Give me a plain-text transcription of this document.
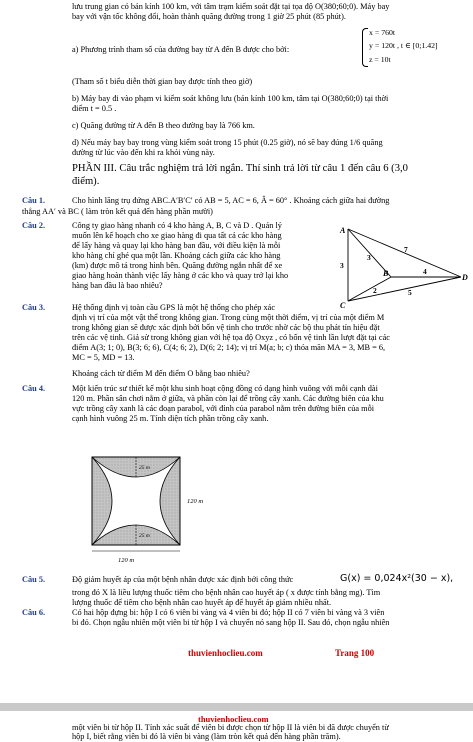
lưu trung gian có bán kính 100 km, với tâm trạm kiểm soát đặt tại tọa độ O(380;60;0). Máy bay

bay với vận tốc không đổi, hoàn thành quãng đường trong 1 giờ 25 phút (85 phút).

a) Phương trình tham số của đường bay từ A đến B được cho bởi:

x = 760t
y = 120t , t ∈ [0;1.42]
z = 10t

(Tham số t biểu diễn thời gian bay được tính theo giờ)

b) Máy bay đi vào phạm vi kiểm soát không lưu (bán kính 100 km, tâm tại O(380;60;0) tại thời

điểm t = 0.5 .

c) Quãng đường từ A đến B theo đường bay là 766 km.

d) Nếu máy bay bay trong vùng kiểm soát trong 15 phút (0.25 giờ), nó sẽ bay đúng 1/6 quãng

đường từ lúc vào đến khi ra khỏi vùng này.

PHẦN III. Câu trắc nghiệm trả lời ngắn. Thí sinh trả lời từ câu 1 đến câu 6 (3,0
điểm).
Câu 1.	Cho hình lăng trụ đứng ABC.A′B′C′ có AB = 5, AC = 6, Â = 60° . Khoảng cách giữa hai đường

thẳng AA′ và BC ( làm tròn kết quả đến hàng phần mười)

Câu 2.	Công ty giao hàng nhanh có 4 kho hàng A, B, C và D . Quản lý

muốn lên kế hoạch cho xe giao hàng đi qua tất cả các kho hàng

để lấy hàng và quay lại kho hàng ban đầu, với điều kiện là mỗi

kho hàng chỉ ghé qua một lần. Khoảng cách giữa các kho hàng

(km) được mô tả trong hình bên. Quãng đường ngắn nhất để xe

giao hàng hoàn thành việc lấy hàng ở các kho và quay trở lại kho

hàng ban đầu là bao nhiêu?

A
B
C
D
3
7
2
3
4
5
Câu 3.	Hệ thống định vị toàn cầu GPS là một hệ thống cho phép xác

định vị trí của một vật thể trong không gian. Trong cùng một thời điểm, vị trí của một điểm M

trong không gian sẽ được xác định bởi bốn vệ tinh cho trước nhờ các bộ thu phát tín hiệu đặt

trên các vệ tinh. Giả sử trong không gian với hệ tọa độ Oxyz , có bốn vệ tinh lần lượt đặt tại các

điểm A(3; 1; 0), B(3; 6; 6), C(4; 6; 2), D(6; 2; 14); vị trí M(a; b; c) thỏa mãn MA = 3, MB = 6,

MC = 5, MD = 13.

Khoảng cách từ điểm M đến điểm O bằng bao nhiêu?

Câu 4.	Một kiến trúc sư thiết kế một khu sinh hoạt cộng đồng có dạng hình vuông với mỗi cạnh dài

120 m. Phần sân chơi nằm ở giữa, và phần còn lại để trồng cây xanh. Các đường biên của khu

vực trồng cây xanh là các đoạn parabol, với đỉnh của parabol nằm trên đường biên của mỗi

cạnh hình vuông 25 m. Tính diện tích phần trồng cây xanh.

25 m
25 m
120 m
120 m
Câu 5.	Độ giảm huyết áp của một bệnh nhân được xác định bởi công thức	G(x) = 0,024x²(30 − x),

trong đó X là liều lượng thuốc tiêm cho bệnh nhân cao huyết áp ( x được tính bằng mg). Tìm

lượng thuốc để tiêm cho bệnh nhân cao huyết áp để huyết áp giảm nhiều nhất.

Câu 6.	Có hai hộp đựng bi: hộp I có 6 viên bi vàng và 4 viên bi đỏ; hộp II có 7 viên bi vàng và 3 viên

bi đỏ. Chọn ngẫu nhiên một viên bi từ hộp I và chuyển nó sang hộp II. Sau đó, chọn ngẫu nhiên

thuvienhoclieu.com	Trang 100
thuvienhoclieu.com

một viên bi từ hộp II. Tính xác suất để viên bi được chọn từ hộp II là viên bi đã được chuyển từ

hộp I, biết rằng viên bi đó là viên bi vàng (làm tròn kết quả đến hàng phần trăm).
